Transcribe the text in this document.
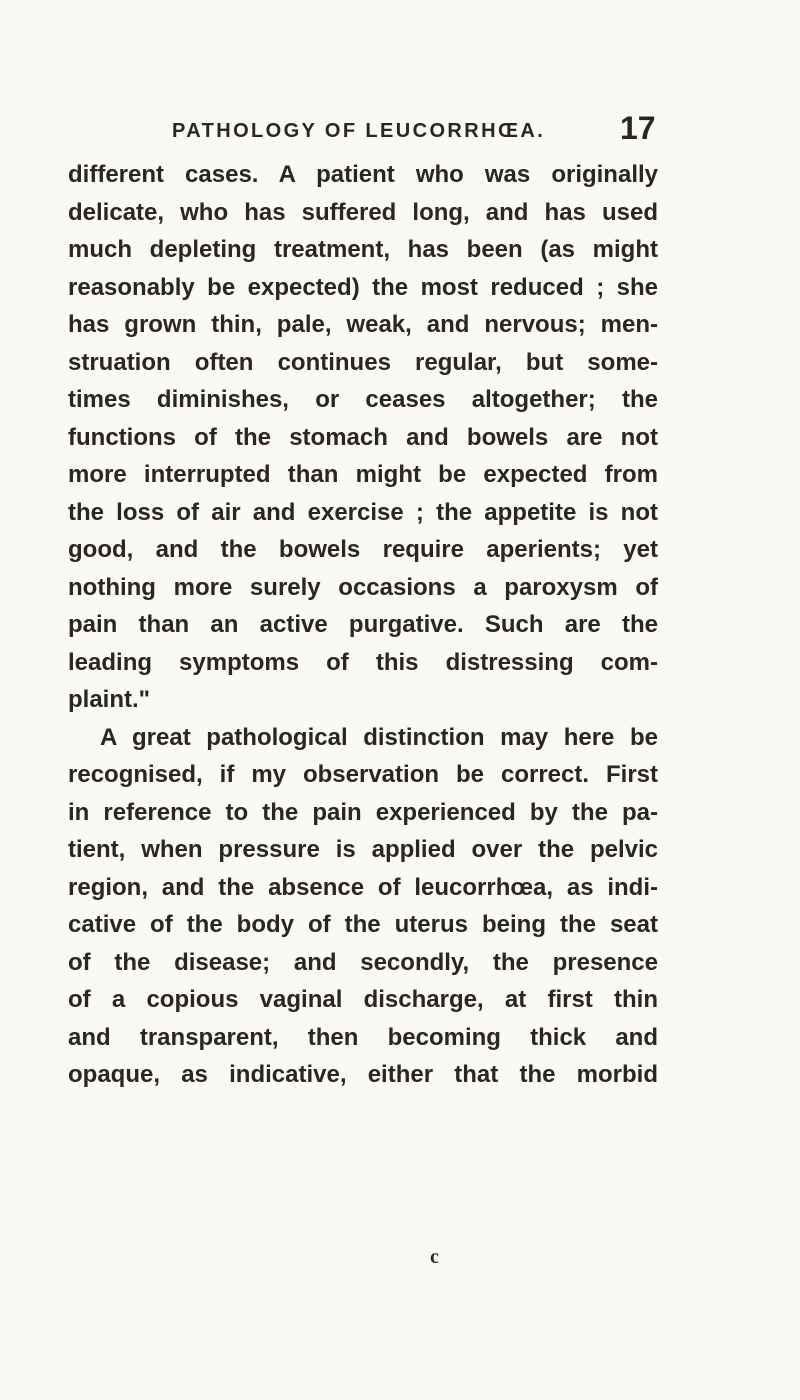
PATHOLOGY OF LEUCORRHŒA. 17
different cases. A patient who was originally
delicate, who has suffered long, and has used
much depleting treatment, has been (as might
reasonably be expected) the most reduced ; she
has grown thin, pale, weak, and nervous; men-
struation often continues regular, but some-
times diminishes, or ceases altogether; the
functions of the stomach and bowels are not
more interrupted than might be expected from
the loss of air and exercise ; the appetite is not
good, and the bowels require aperients; yet
nothing more surely occasions a paroxysm of
pain than an active purgative. Such are the
leading symptoms of this distressing com-
plaint."
A great pathological distinction may here be
recognised, if my observation be correct. First
in reference to the pain experienced by the pa-
tient, when pressure is applied over the pelvic
region, and the absence of leucorrhœa, as indi-
cative of the body of the uterus being the seat
of the disease; and secondly, the presence
of a copious vaginal discharge, at first thin
and transparent, then becoming thick and
opaque, as indicative, either that the morbid
c
